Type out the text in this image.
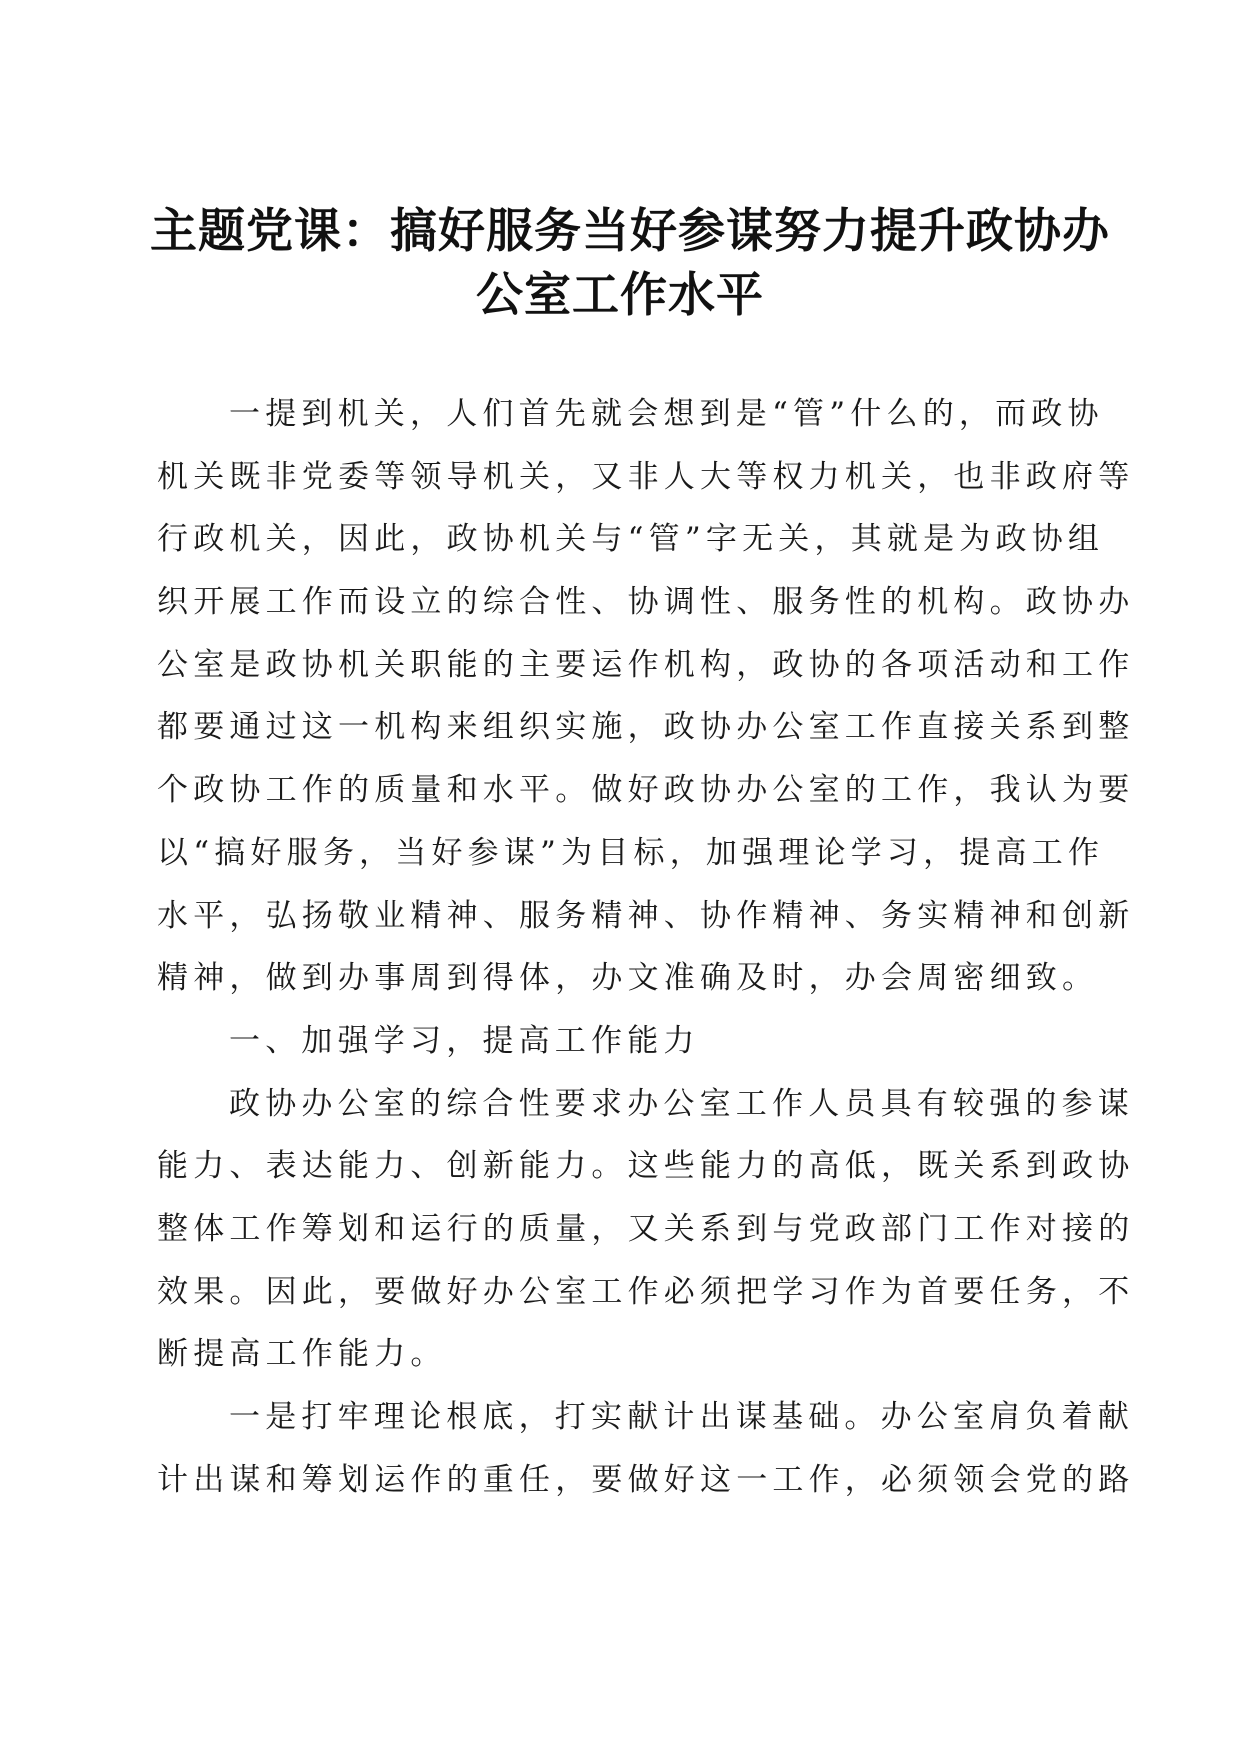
主题党课：搞好服务当好参谋努力提升政协办
公室工作水平
一提到机关，人们首先就会想到是“管”什么的，而政协
机关既非党委等领导机关，又非人大等权力机关，也非政府等
行政机关，因此，政协机关与“管”字无关，其就是为政协组
织开展工作而设立的综合性、协调性、服务性的机构。政协办
公室是政协机关职能的主要运作机构，政协的各项活动和工作
都要通过这一机构来组织实施，政协办公室工作直接关系到整
个政协工作的质量和水平。做好政协办公室的工作，我认为要
以“搞好服务，当好参谋”为目标，加强理论学习，提高工作
水平，弘扬敬业精神、服务精神、协作精神、务实精神和创新
精神，做到办事周到得体，办文准确及时，办会周密细致。
一、加强学习，提高工作能力
政协办公室的综合性要求办公室工作人员具有较强的参谋
能力、表达能力、创新能力。这些能力的高低，既关系到政协
整体工作筹划和运行的质量，又关系到与党政部门工作对接的
效果。因此，要做好办公室工作必须把学习作为首要任务，不
断提高工作能力。
一是打牢理论根底，打实献计出谋基础。办公室肩负着献
计出谋和筹划运作的重任，要做好这一工作，必须领会党的路
